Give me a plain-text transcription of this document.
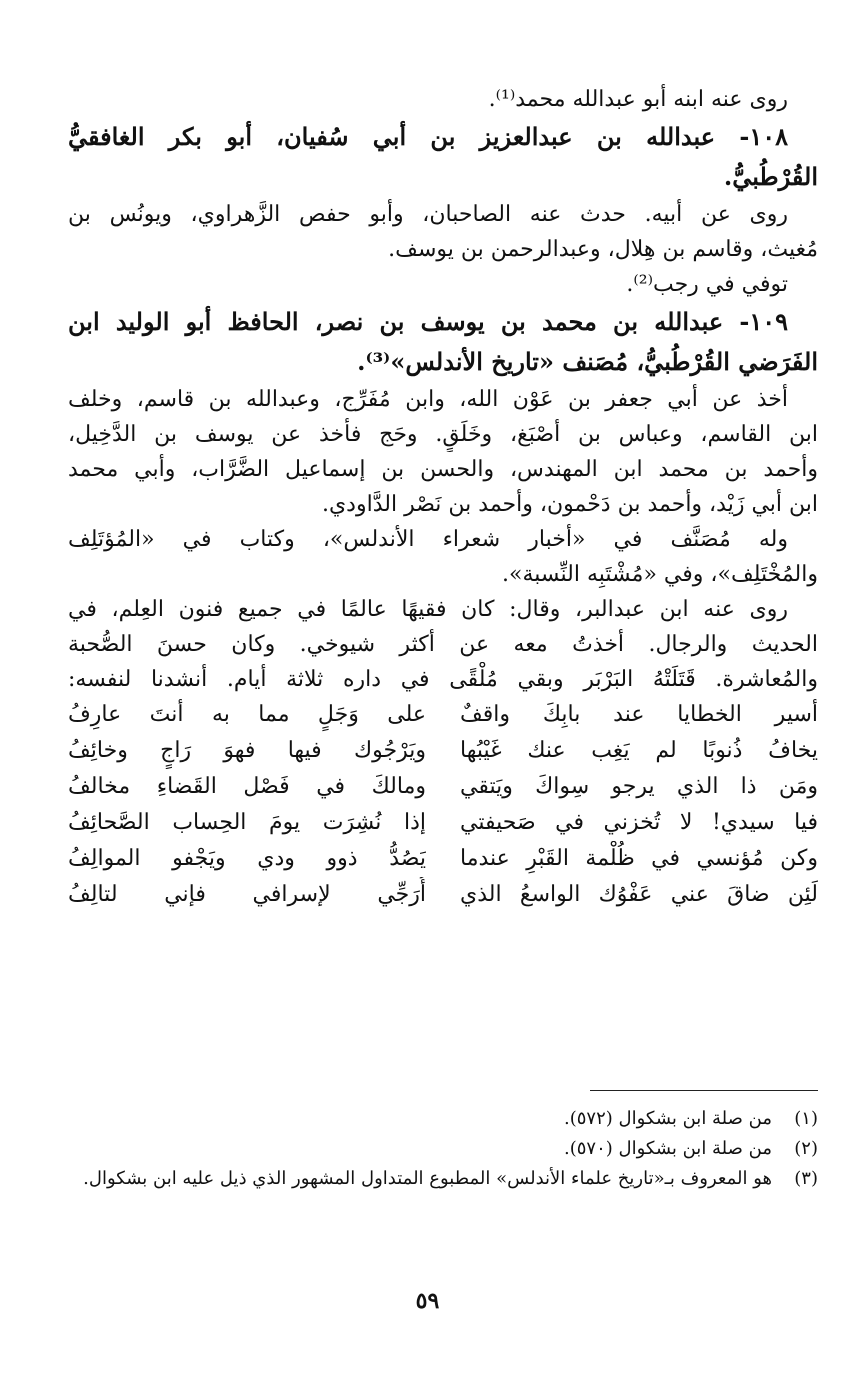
روى عنه ابنه أبو عبدالله محمد⁽¹⁾.

١٠٨- عبدالله بن عبدالعزيز بن أبي سُفيان، أبو بكر الغافقيُّ

القُرْطُبيُّ.

روى عن أبيه. حدث عنه الصاحبان، وأبو حفص الزَّهراوي، ويونُس بن

مُغيث، وقاسم بن هِلال، وعبدالرحمن بن يوسف.

توفي في رجب⁽²⁾.

١٠٩- عبدالله بن محمد بن يوسف بن نصر، الحافظ أبو الوليد ابن

الفَرَضي القُرْطُبيُّ، مُصَنف «تاريخ الأندلس»⁽³⁾.

أخذ عن أبي جعفر بن عَوْن الله، وابن مُفَرِّج، وعبدالله بن قاسم، وخلف

ابن القاسم، وعباس بن أصْبَغ، وخَلَقٍ. وحَج فأخذ عن يوسف بن الدَّخِيل،

وأحمد بن محمد ابن المهندس، والحسن بن إسماعيل الضَّرَّاب، وأبي محمد

ابن أبي زَيْد، وأحمد بن دَحْمون، وأحمد بن نَصْر الدَّاودي.

وله مُصَنَّف في «أخبار شعراء الأندلس»، وكتاب في «المُؤتَلِف

والمُخْتَلِف»، وفي «مُشْتَبِه النِّسبة».

روى عنه ابن عبدالبر، وقال: كان فقيهًا عالمًا في جميع فنون العِلم، في

الحديث والرجال. أخذتُ معه عن أكثر شيوخي. وكان حسنَ الصُّحبة

والمُعاشرة. قَتَلَتْهُ البَرْبَر وبقي مُلْقًى في داره ثلاثة أيام. أنشدنا لنفسه:

أسير الخطايا عند بابِكَ واقفٌ
على وَجَلٍ مما به أنتَ عارِفُ
يخافُ ذُنوبًا لم يَغِب عنك غَيْبُها
ويَرْجُوك فيها فهوَ رَاجٍ وخائِفُ
ومَن ذا الذي يرجو سِواكَ ويَتقي
ومالكَ في فَصْل القَضاءِ مخالفُ
فيا سيدي! لا تُخزني في صَحيفتي
إذا نُشِرَت يومَ الحِساب الصَّحائِفُ
وكن مُؤنسي في ظُلْمة القَبْرِ عندما
يَصُدُّ ذوو ودي ويَجْفو الموالِفُ
لَئِن ضاقَ عني عَفْوُك الواسعُ الذي
أُرَجِّي لإسرافي فإني لتالِفُ
(١)
من صلة ابن بشكوال (٥٧٢).
(٢)
من صلة ابن بشكوال (٥٧٠).
(٣)
هو المعروف بـ«تاريخ علماء الأندلس» المطبوع المتداول المشهور الذي ذيل عليه ابن بشكوال.
٥٩
